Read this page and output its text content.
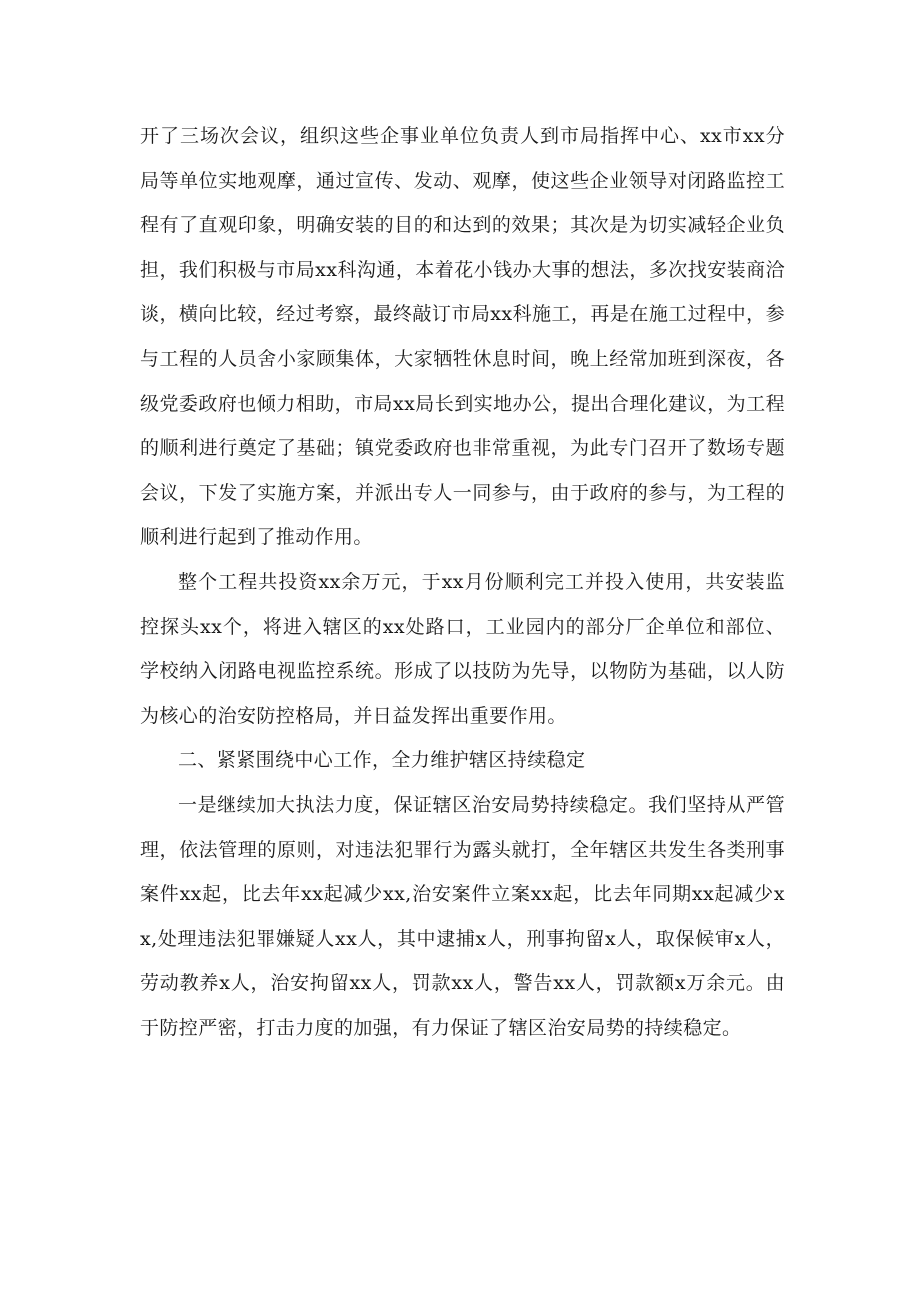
开了三场次会议，组织这些企事业单位负责人到市局指挥中心、xx市xx分局等单位实地观摩，通过宣传、发动、观摩，使这些企业领导对闭路监控工程有了直观印象，明确安装的目的和达到的效果；其次是为切实减轻企业负担，我们积极与市局xx科沟通，本着花小钱办大事的想法，多次找安装商洽谈，横向比较，经过考察，最终敲订市局xx科施工，再是在施工过程中，参与工程的人员舍小家顾集体，大家牺牲休息时间，晚上经常加班到深夜，各级党委政府也倾力相助，市局xx局长到实地办公，提出合理化建议，为工程的顺利进行奠定了基础；镇党委政府也非常重视，为此专门召开了数场专题会议，下发了实施方案，并派出专人一同参与，由于政府的参与，为工程的顺利进行起到了推动作用。

整个工程共投资xx余万元，于xx月份顺利完工并投入使用，共安装监控探头xx个，将进入辖区的xx处路口，工业园内的部分厂企单位和部位、学校纳入闭路电视监控系统。形成了以技防为先导，以物防为基础，以人防为核心的治安防控格局，并日益发挥出重要作用。

二、紧紧围绕中心工作，全力维护辖区持续稳定

一是继续加大执法力度，保证辖区治安局势持续稳定。我们坚持从严管理，依法管理的原则，对违法犯罪行为露头就打，全年辖区共发生各类刑事案件xx起，比去年xx起减少xx,治安案件立案xx起，比去年同期xx起减少xx,处理违法犯罪嫌疑人xx人，其中逮捕x人，刑事拘留x人，取保候审x人，劳动教养x人，治安拘留xx人，罚款xx人，警告xx人，罚款额x万余元。由于防控严密，打击力度的加强，有力保证了辖区治安局势的持续稳定。
